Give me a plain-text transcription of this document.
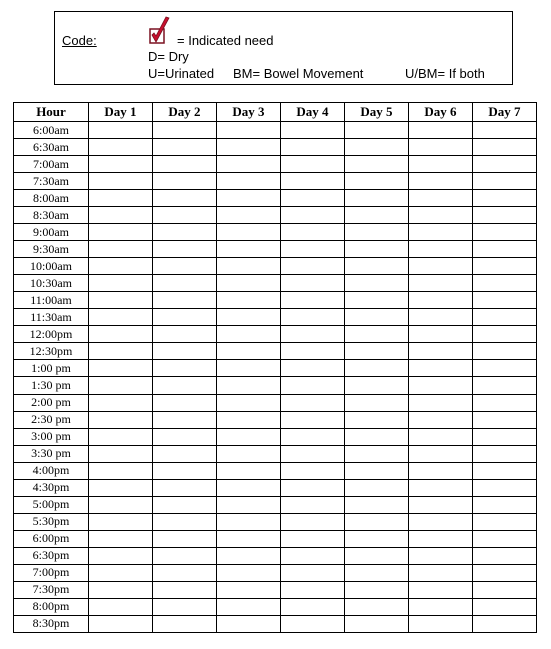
Code:	= Indicated need
D= Dry
U=Urinated BM= Bowel Movement	U/BM= If both
Hour	Day 1	Day 2	Day 3	Day 4	Day 5	Day 6	Day 7
6:00am							
6:30am							
7:00am							
7:30am							
8:00am							
8:30am							
9:00am							
9:30am							
10:00am							
10:30am							
11:00am							
11:30am							
12:00pm							
12:30pm							
1:00 pm							
1:30 pm							
2:00 pm							
2:30 pm							
3:00 pm							
3:30 pm							
4:00pm							
4:30pm							
5:00pm							
5:30pm							
6:00pm							
6:30pm							
7:00pm							
7:30pm							
8:00pm							
8:30pm							
